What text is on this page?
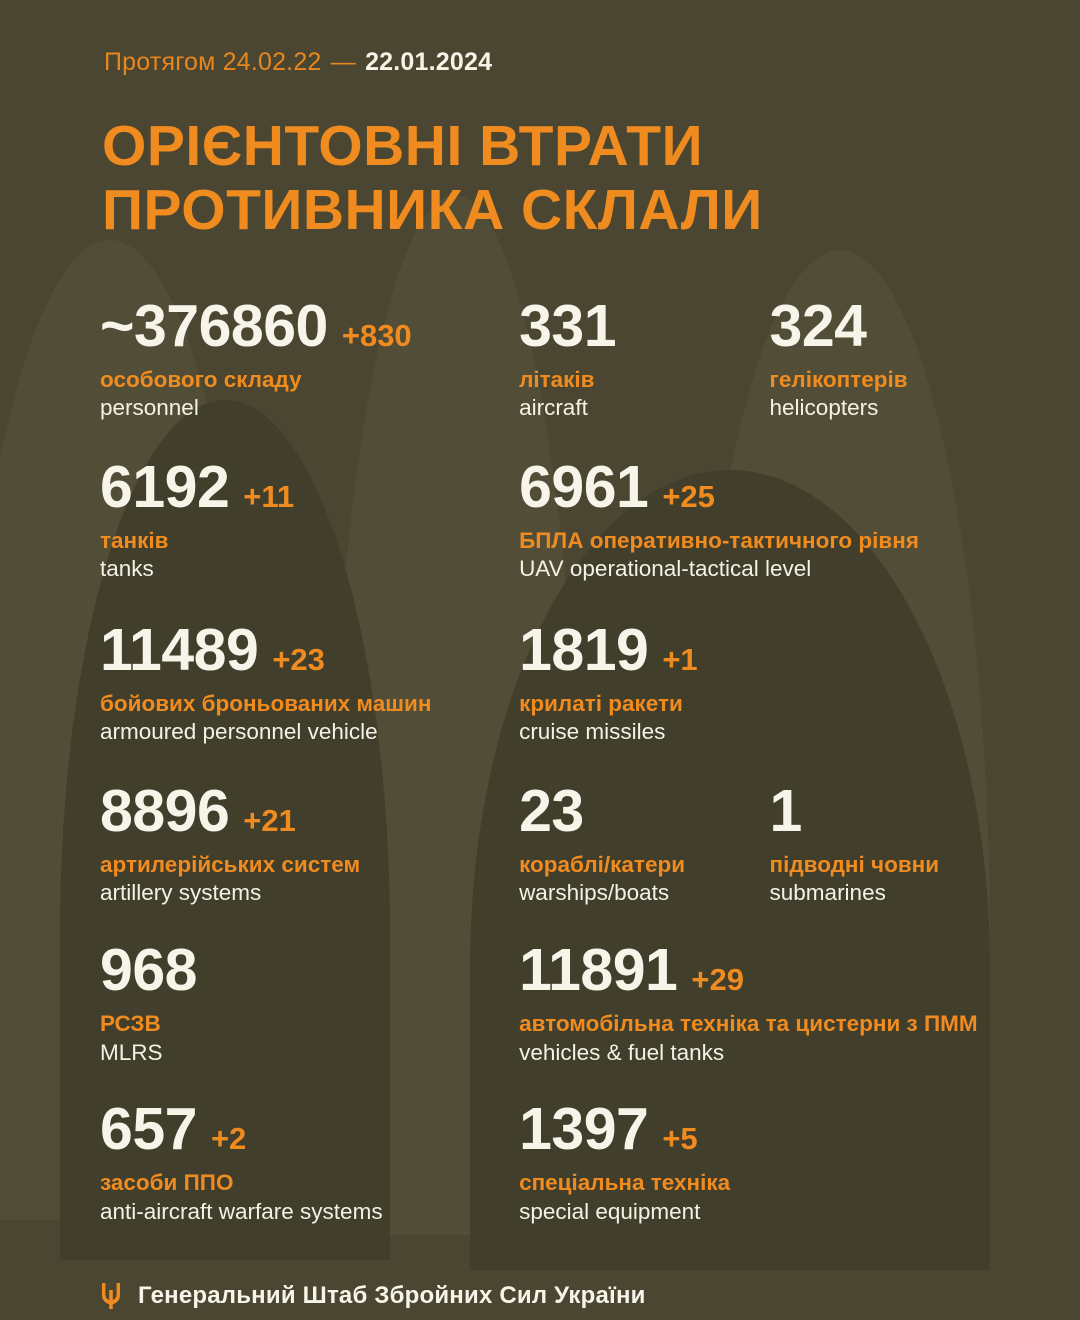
Протягом 24.02.22 — 22.01.2024
ОРІЄНТОВНІ ВТРАТИ
ПРОТИВНИКА СКЛАЛИ
~376860 +830
особового складу
personnel
331
літаків
aircraft
324
гелікоптерів
helicopters
6192 +11
танків
tanks
6961 +25
БПЛА оперативно-тактичного рівня
UAV operational-tactical level
11489 +23
бойових броньованих машин
armoured personnel vehicle
1819 +1
крилаті ракети
cruise missiles
8896 +21
артилерійських систем
artillery systems
23
кораблі/катери
warships/boats
1
підводні човни
submarines
968
РСЗВ
MLRS
11891 +29
автомобільна техніка та цистерни з ПММ
vehicles & fuel tanks
657 +2
засоби ППО
anti-aircraft warfare systems
1397 +5
спеціальна техніка
special equipment
Генеральний Штаб Збройних Сил України
